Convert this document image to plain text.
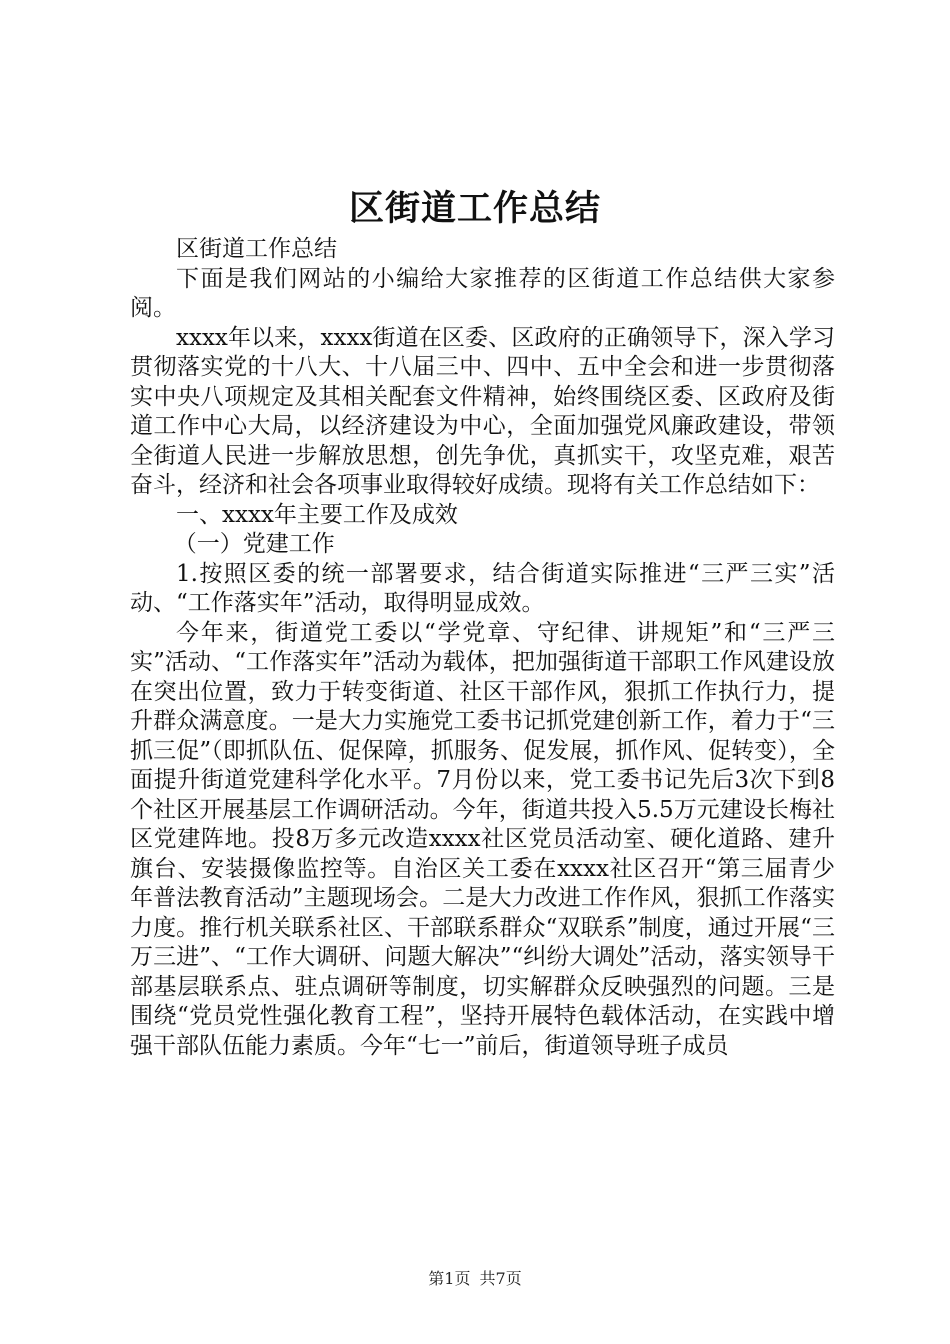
区街道工作总结

区街道工作总结

下面是我们网站的小编给大家推荐的区街道工作总结供大家参阅。

xxxx年以来，xxxx街道在区委、区政府的正确领导下，深入学习贯彻落实党的十八大、十八届三中、四中、五中全会和进一步贯彻落实中央八项规定及其相关配套文件精神，始终围绕区委、区政府及街道工作中心大局，以经济建设为中心，全面加强党风廉政建设，带领全街道人民进一步解放思想，创先争优，真抓实干，攻坚克难，艰苦奋斗，经济和社会各项事业取得较好成绩。现将有关工作总结如下：

一、xxxx年主要工作及成效

（一）党建工作

1.按照区委的统一部署要求，结合街道实际推进“三严三实”活动、“工作落实年”活动，取得明显成效。

今年来，街道党工委以“学党章、守纪律、讲规矩”和“三严三实”活动、“工作落实年”活动为载体，把加强街道干部职工作风建设放在突出位置，致力于转变街道、社区干部作风，狠抓工作执行力，提升群众满意度。一是大力实施党工委书记抓党建创新工作，着力于“三抓三促”（即抓队伍、促保障，抓服务、促发展，抓作风、促转变），全面提升街道党建科学化水平。7月份以来，党工委书记先后3次下到8个社区开展基层工作调研活动。今年，街道共投入5.5万元建设长梅社区党建阵地。投8万多元改造xxxx社区党员活动室、硬化道路、建升旗台、安装摄像监控等。自治区关工委在xxxx社区召开“第三届青少年普法教育活动”主题现场会。二是大力改进工作作风，狠抓工作落实力度。推行机关联系社区、干部联系群众“双联系”制度，通过开展“三万三进”、“工作大调研、问题大解决”“纠纷大调处”活动，落实领导干部基层联系点、驻点调研等制度，切实解群众反映强烈的问题。三是围绕“党员党性强化教育工程”，坚持开展特色载体活动，在实践中增强干部队伍能力素质。今年“七一”前后，街道领导班子成员

第1页 共7页
